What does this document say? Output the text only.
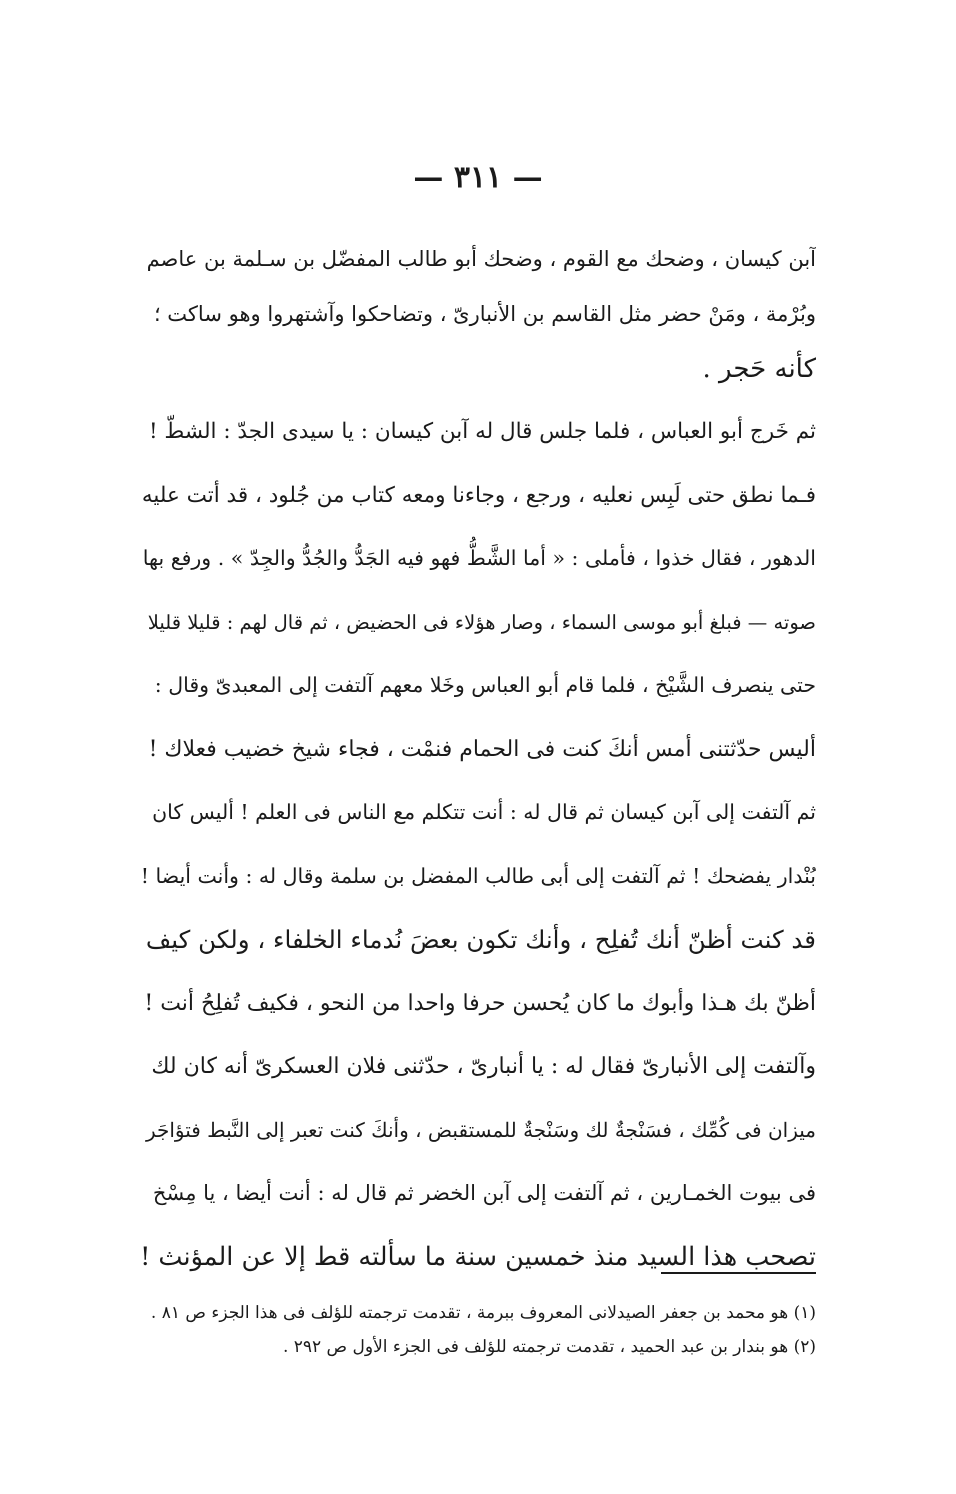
— ٣١١ —
آبن كيسان ، وضحك مع القوم ، وضحك أبو طالب المفضّل بن سـلمة بن عاصم
وبُرْمة ، ومَنْ حضر مثل القاسم بن الأنبارىّ ، وتضاحكوا وآشتهروا وهو ساكت ؛
كأنه حَجر .
ثم خَرج أبو العباس ، فلما جلس قال له آبن كيسان : يا سيدى الجدّ : الشطّ !
فـما نطق حتى لَبِس نعليه ، ورجع ، وجاءنا ومعه كتاب من جُلود ، قد أتت عليه
الدهور ، فقال خذوا ، فأملى : « أما الشَّطُّ فهو فيه الجَدُّ والجُدُّ والجِدّ » . ورفع بها
صوته — فبلغ أبو موسى السماء ، وصار هؤلاء فى الحضيض ، ثم قال لهم : قليلا قليلا
حتى ينصرف الشَّيْخ ، فلما قام أبو العباس وخَلا معهم آلتفت إلى المعبدىّ وقال :
أليس حدّثتنى أمس أنكَ كنت فى الحمام فنمْت ، فجاء شيخ خضيب فعلاك !
ثم آلتفت إلى آبن كيسان ثم قال له : أنت تتكلم مع الناس فى العلم ! أليس كان
بُنْدار يفضحك ! ثم آلتفت إلى أبى طالب المفضل بن سلمة وقال له : وأنت أيضا !
قد كنت أظنّ أنك تُفلِح ، وأنك تكون بعضَ نُدماء الخلفاء ، ولكن كيف
أظنّ بك هـذا وأبوك ما كان يُحسن حرفا واحدا من النحو ، فكيف تُفلِحُ أنت !
وآلتفت إلى الأنبارىّ فقال له : يا أنبارىّ ، حدّثنى فلان العسكرىّ أنه كان لك
ميزان فى كُمِّك ، فسَنْجةٌ لك وسَنْجةٌ للمستقبض ، وأنكَ كنت تعبر إلى النَّبط فتؤاجَر
فى بيوت الخمـارين ، ثم آلتفت إلى آبن الخضر ثم قال له : أنت أيضا ، يا مِسْخ
تصحب هذا السيد منذ خمسين سنة ما سألته قط إلا عن المؤنث !
(١) هو محمد بن جعفر الصيدلانى المعروف ببرمة ، تقدمت ترجمته للؤلف فى هذا الجزء ص ٨١ .
(٢) هو بندار بن عبد الحميد ، تقدمت ترجمته للؤلف فى الجزء الأول ص ٢٩٢ .
